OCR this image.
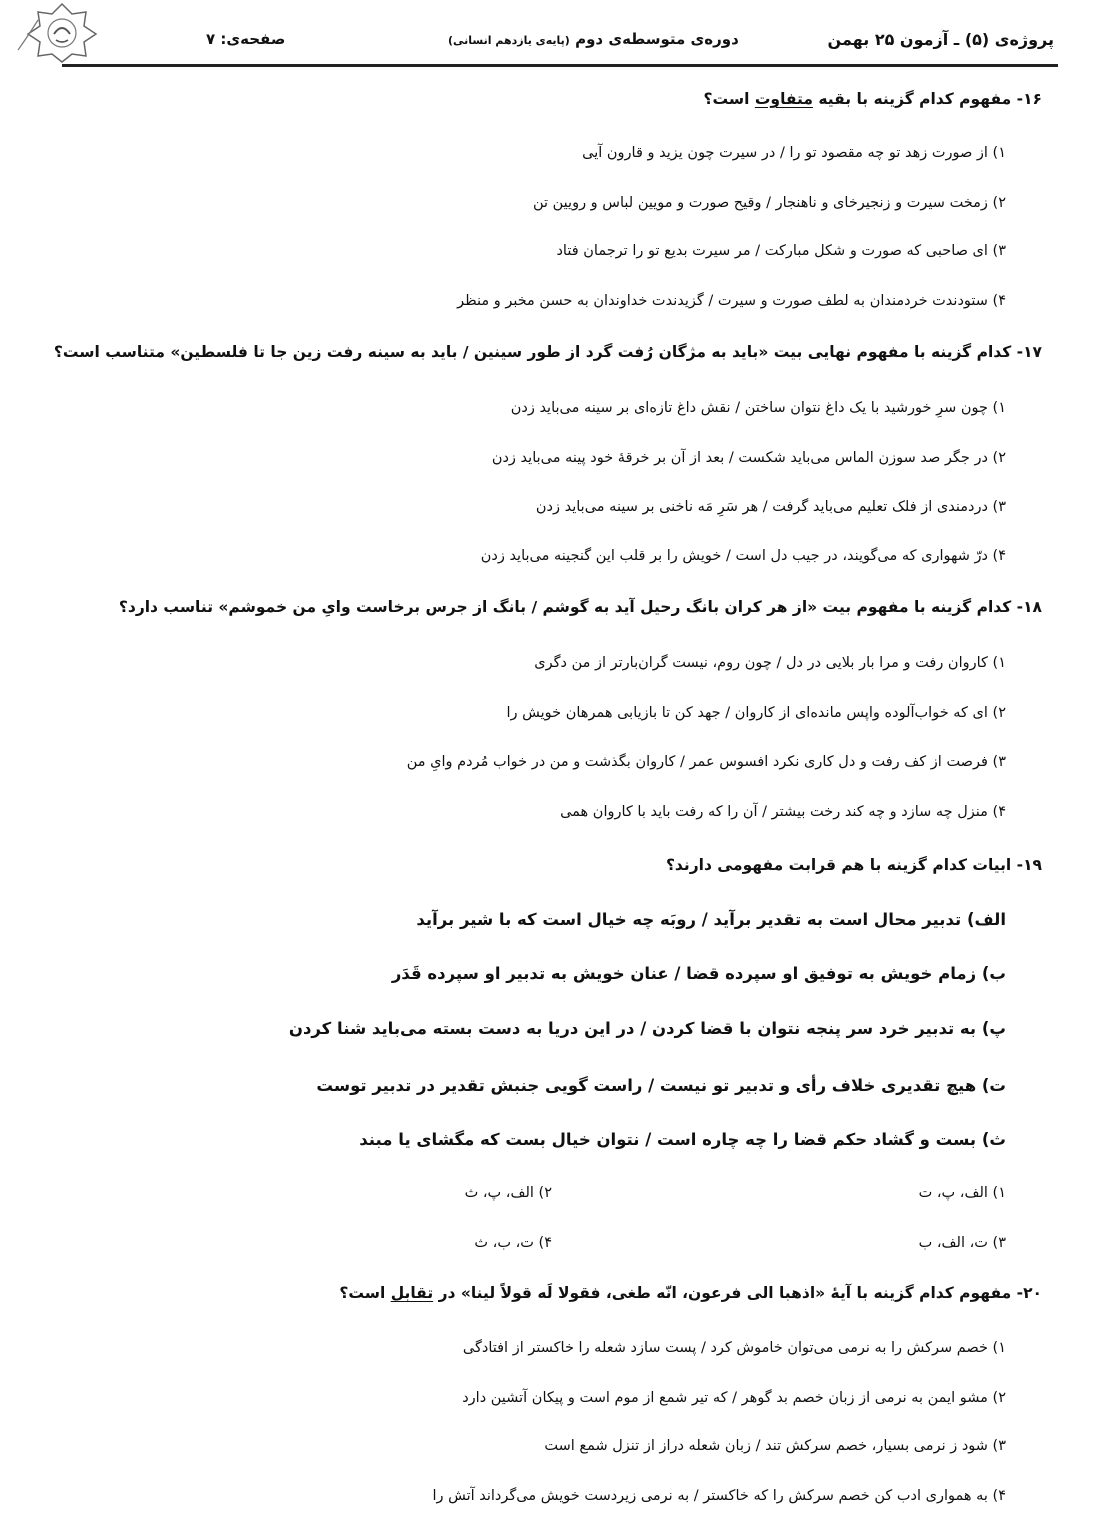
پروژه‌ی (۵) ـ آزمون ۲۵ بهمن
دوره‌ی متوسطه‌ی دوم (پایه‌ی یازدهم انسانی)
صفحه‌ی: ۷
۱۶- مفهوم کدام گزینه با بقیه متفاوت است؟
۱) از صورت زهد تو چه مقصود تو را / در سیرت چون یزید و قارون آیی
۲) زمخت سیرت و زنجیرخای و ناهنجار / وقیح صورت و مویین لباس و رویین تن
۳) ای صاحبی که صورت و شکل مبارکت / مر سیرت بدیع تو را ترجمان فتاد
۴) ستودندت خردمندان به لطف صورت و سیرت / گزیدندت خداوندان به حسن مخبر و منظر
۱۷- کدام گزینه با مفهوم نهایی بیت «باید به مژگان رُفت گرد از طور سینین / باید به سینه رفت زین جا تا فلسطین» متناسب است؟
۱) چون سرِ خورشید با یک داغ نتوان ساختن / نقش داغ تازه‌ای بر سینه می‌باید زدن
۲) در جگر صد سوزن الماس می‌باید شکست / بعد از آن بر خرقهٔ خود پینه می‌باید زدن
۳) دردمندی از فلک تعلیم می‌باید گرفت / هر سَرِ مَه ناخنی بر سینه می‌باید زدن
۴) درّ شهواری که می‌گویند، در جیب دل است / خویش را بر قلب این گنجینه می‌باید زدن
۱۸- کدام گزینه با مفهوم بیت «از هر کران بانگ رحیل آید به گوشم / بانگ از جرس برخاست وایِ من خموشم» تناسب دارد؟
۱) کاروان رفت و مرا بار بلایی در دل / چون روم، نیست گران‌بارتر از من دگری
۲) ای که خواب‌آلوده واپس مانده‌ای از کاروان / جهد کن تا بازیابی همرهان خویش را
۳) فرصت از کف رفت و دل کاری نکرد افسوس عمر / کاروان بگذشت و من در خواب مُردم وایِ من
۴) منزل چه سازد و چه کند رخت بیشتر / آن را که رفت باید با کاروان همی
۱۹- ابیات کدام گزینه با هم قرابت مفهومی دارند؟
الف) تدبیر محال است به تقدیر برآید / روبَه چه خیال است که با شیر برآید
ب) زمام خویش به توفیق او سپرده قضا / عنان خویش به تدبیر او سپرده قَدَر
پ) به تدبیر خرد سر پنجه نتوان با قضا کردن / در این دریا به دست بسته می‌باید شنا کردن
ت) هیچ تقدیری خلاف رأی و تدبیر تو نیست / راست گویی جنبش تقدیر در تدبیر توست
ث) بست و گشاد حکم قضا را چه چاره است / نتوان خیال بست که مگشای یا مبند
۱) الف، پ، ت
۲) الف، پ، ث
۳) ت، الف، ب
۴) ت، ب، ث
۲۰- مفهوم کدام گزینه با آیهٔ «اذهبا الی فرعون، انّه طغی، فقولا لَه قولاً لینا» در تقابل است؟
۱) خصم سرکش را به نرمی می‌توان خاموش کرد / پست سازد شعله را خاکستر از افتادگی
۲) مشو ایمن به نرمی از زبان خصم بد گوهر / که تیر شمع از موم است و پیکان آتشین دارد
۳) شود ز نرمی بسیار، خصم سرکش تند / زبان شعله دراز از تنزل شمع است
۴) به همواری ادب کن خصم سرکش را که خاکستر / به نرمی زیردست خویش می‌گرداند آتش را
